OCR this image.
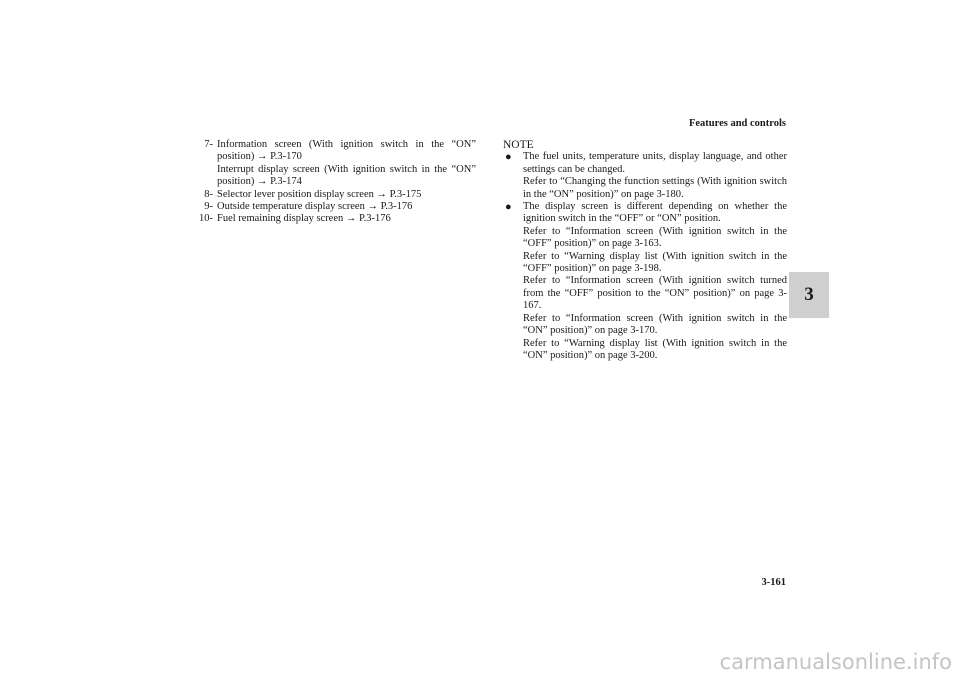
Features and controls
3
7- Information screen (With ignition switch in the “ON” position) → P.3-170
Interrupt display screen (With ignition switch in the “ON” position) → P.3-174
8- Selector lever position display screen → P.3-175
9- Outside temperature display screen → P.3-176
10- Fuel remaining display screen → P.3-176
NOTE
●	The fuel units, temperature units, display language, and other settings can be changed.
Refer to “Changing the function settings (With ignition switch in the “ON” position)” on page 3-180.
●	The display screen is different depending on whether the ignition switch in the “OFF” or “ON” position.
Refer to “Information screen (With ignition switch in the “OFF” position)” on page 3-163.
Refer to “Warning display list (With ignition switch in the “OFF” position)” on page 3-198.
Refer to “Information screen (With ignition switch turned from the “OFF” position to the “ON” position)” on page 3-167.
Refer to “Information screen (With ignition switch in the “ON” position)” on page 3-170.
Refer to “Warning display list (With ignition switch in the “ON” position)” on page 3-200.
3-161
carmanualsonline.info
